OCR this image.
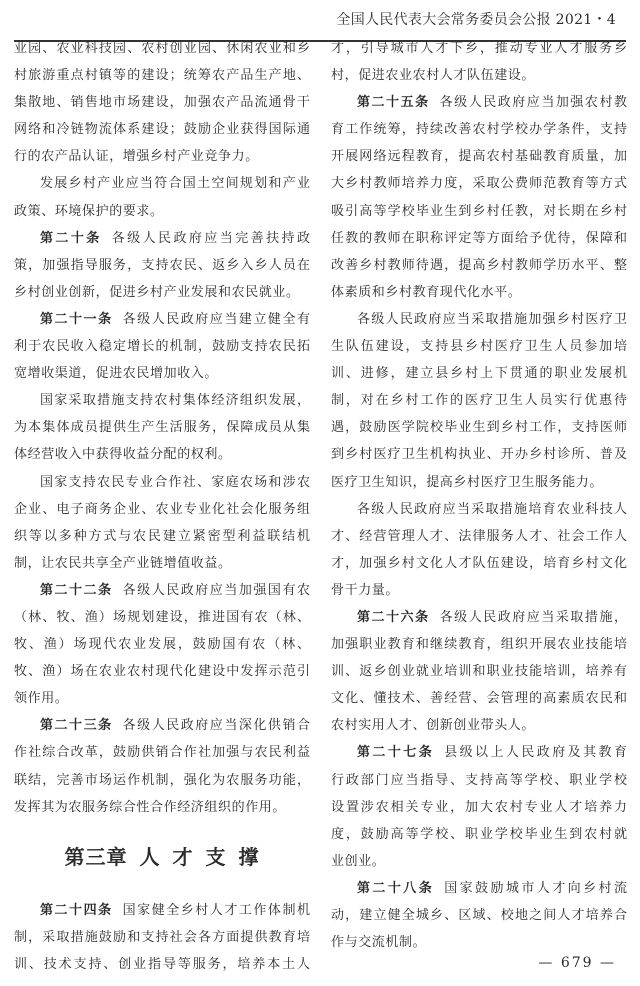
全国人民代表大会常务委员会公报 2021・4
业园、农业科技园、农村创业园、休闲农业和乡
村旅游重点村镇等的建设；统筹农产品生产地、
集散地、销售地市场建设，加强农产品流通骨干
网络和冷链物流体系建设；鼓励企业获得国际通
行的农产品认证，增强乡村产业竞争力。
发展乡村产业应当符合国土空间规划和产业
政策、环境保护的要求。
第二十条 各级人民政府应当完善扶持政
策，加强指导服务，支持农民、返乡入乡人员在
乡村创业创新，促进乡村产业发展和农民就业。
第二十一条 各级人民政府应当建立健全有
利于农民收入稳定增长的机制，鼓励支持农民拓
宽增收渠道，促进农民增加收入。
国家采取措施支持农村集体经济组织发展，
为本集体成员提供生产生活服务，保障成员从集
体经营收入中获得收益分配的权利。
国家支持农民专业合作社、家庭农场和涉农
企业、电子商务企业、农业专业化社会化服务组
织等以多种方式与农民建立紧密型利益联结机
制，让农民共享全产业链增值收益。
第二十二条 各级人民政府应当加强国有农
（林、牧、渔）场规划建设，推进国有农（林、
牧、渔）场现代农业发展，鼓励国有农（林、
牧、渔）场在农业农村现代化建设中发挥示范引
领作用。
第二十三条 各级人民政府应当深化供销合
作社综合改革，鼓励供销合作社加强与农民利益
联结，完善市场运作机制，强化为农服务功能，
发挥其为农服务综合性合作经济组织的作用。
第三章 人 才 支 撑
第二十四条 国家健全乡村人才工作体制机
制，采取措施鼓励和支持社会各方面提供教育培
训、技术支持、创业指导等服务，培养本土人
才，引导城市人才下乡，推动专业人才服务乡
村，促进农业农村人才队伍建设。
第二十五条 各级人民政府应当加强农村教
育工作统筹，持续改善农村学校办学条件，支持
开展网络远程教育，提高农村基础教育质量，加
大乡村教师培养力度，采取公费师范教育等方式
吸引高等学校毕业生到乡村任教，对长期在乡村
任教的教师在职称评定等方面给予优待，保障和
改善乡村教师待遇，提高乡村教师学历水平、整
体素质和乡村教育现代化水平。
各级人民政府应当采取措施加强乡村医疗卫
生队伍建设，支持县乡村医疗卫生人员参加培
训、进修，建立县乡村上下贯通的职业发展机
制，对在乡村工作的医疗卫生人员实行优惠待
遇，鼓励医学院校毕业生到乡村工作，支持医师
到乡村医疗卫生机构执业、开办乡村诊所、普及
医疗卫生知识，提高乡村医疗卫生服务能力。
各级人民政府应当采取措施培育农业科技人
才、经营管理人才、法律服务人才、社会工作人
才，加强乡村文化人才队伍建设，培育乡村文化
骨干力量。
第二十六条 各级人民政府应当采取措施，
加强职业教育和继续教育，组织开展农业技能培
训、返乡创业就业培训和职业技能培训，培养有
文化、懂技术、善经营、会管理的高素质农民和
农村实用人才、创新创业带头人。
第二十七条 县级以上人民政府及其教育
行政部门应当指导、支持高等学校、职业学校
设置涉农相关专业，加大农村专业人才培养力
度，鼓励高等学校、职业学校毕业生到农村就
业创业。
第二十八条 国家鼓励城市人才向乡村流
动，建立健全城乡、区域、校地之间人才培养合
作与交流机制。
— 679 —
